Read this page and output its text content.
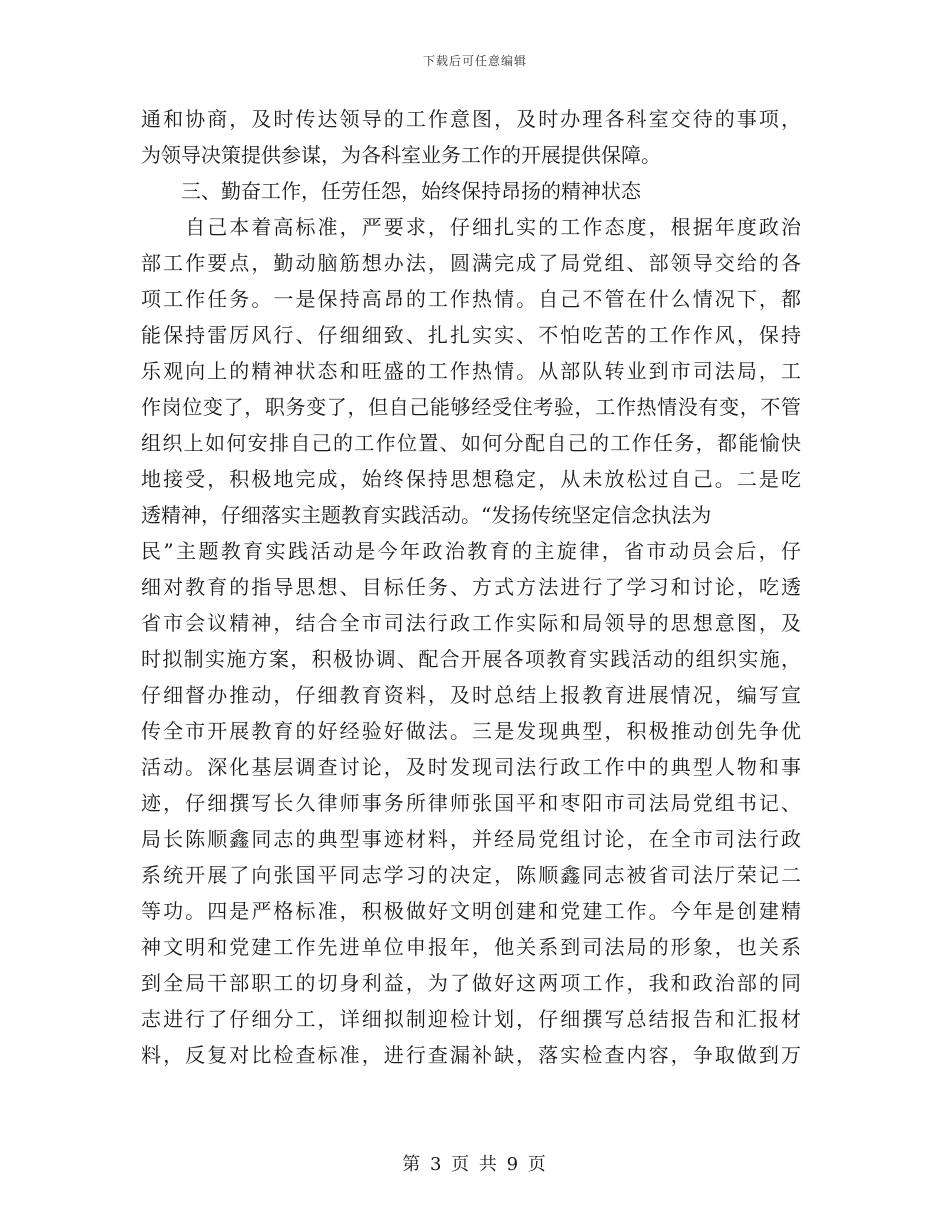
下载后可任意编辑
通和协商，及时传达领导的工作意图，及时办理各科室交待的事项，
为领导决策提供参谋，为各科室业务工作的开展提供保障。
　　三、勤奋工作，任劳任怨，始终保持昂扬的精神状态
　　自己本着高标准，严要求，仔细扎实的工作态度，根据年度政治
部工作要点，勤动脑筋想办法，圆满完成了局党组、部领导交给的各
项工作任务。一是保持高昂的工作热情。自己不管在什么情况下，都
能保持雷厉风行、仔细细致、扎扎实实、不怕吃苦的工作作风，保持
乐观向上的精神状态和旺盛的工作热情。从部队转业到市司法局，工
作岗位变了，职务变了，但自己能够经受住考验，工作热情没有变，不管
组织上如何安排自己的工作位置、如何分配自己的工作任务，都能愉快
地接受，积极地完成，始终保持思想稳定，从未放松过自己。二是吃
透精神，仔细落实主题教育实践活动。“发扬传统坚定信念执法为
民”主题教育实践活动是今年政治教育的主旋律，省市动员会后，仔
细对教育的指导思想、目标任务、方式方法进行了学习和讨论，吃透
省市会议精神，结合全市司法行政工作实际和局领导的思想意图，及
时拟制实施方案，积极协调、配合开展各项教育实践活动的组织实施，
仔细督办推动，仔细教育资料，及时总结上报教育进展情况，编写宣
传全市开展教育的好经验好做法。三是发现典型，积极推动创先争优
活动。深化基层调查讨论，及时发现司法行政工作中的典型人物和事
迹，仔细撰写长久律师事务所律师张国平和枣阳市司法局党组书记、
局长陈顺鑫同志的典型事迹材料，并经局党组讨论，在全市司法行政
系统开展了向张国平同志学习的决定，陈顺鑫同志被省司法厅荣记二
等功。四是严格标准，积极做好文明创建和党建工作。今年是创建精
神文明和党建工作先进单位申报年，他关系到司法局的形象，也关系
到全局干部职工的切身利益，为了做好这两项工作，我和政治部的同
志进行了仔细分工，详细拟制迎检计划，仔细撰写总结报告和汇报材
料，反复对比检查标准，进行查漏补缺，落实检查内容，争取做到万
第 3 页 共 9 页
